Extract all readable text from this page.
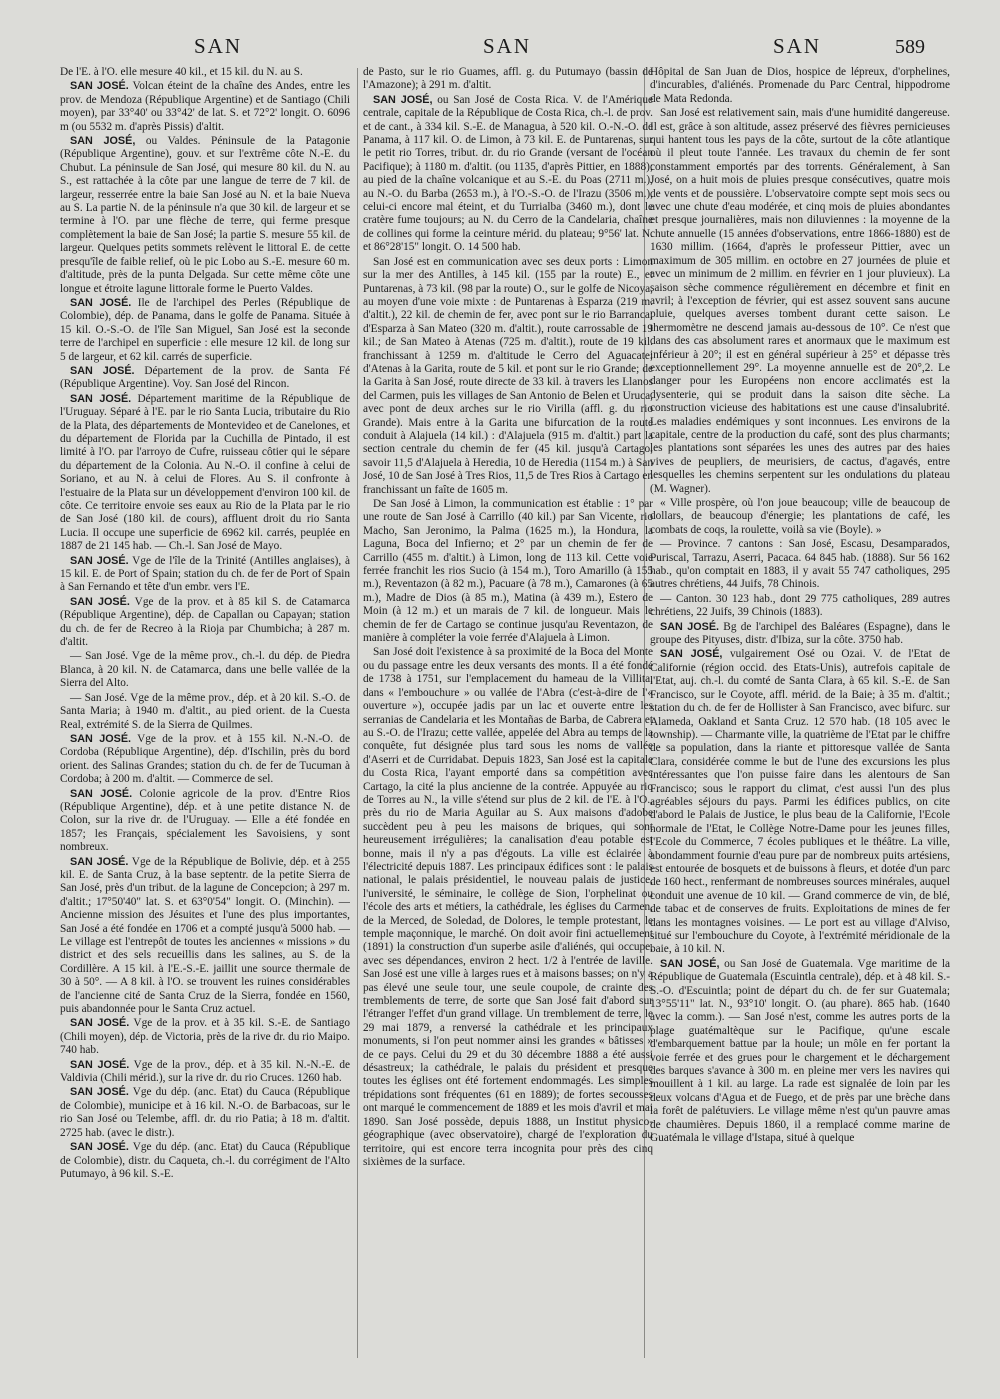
SAN	SAN	SAN	589

De l'E. à l'O. elle mesure 40 kil., et 15 kil. du N. au S.

SAN JOSÉ. Volcan éteint de la chaîne des Andes, entre les prov. de Mendoza (République Argentine) et de Santiago (Chili moyen), par 33°40' ou 33°42' de lat. S. et 72°2' longit. O. 6096 m (ou 5532 m. d'après Pissis) d'altit.

SAN JOSÉ, ou Valdes. Péninsule de la Patagonie (République Argentine), gouv. et sur l'extrême côte N.-E. du Chubut. La péninsule de San José, qui mesure 80 kil. du N. au S., est rattachée à la côte par une langue de terre de 7 kil. de largeur, resserrée entre la baie San José au N. et la baie Nueva au S. La partie N. de la péninsule n'a que 30 kil. de largeur et se termine à l'O. par une flèche de terre, qui ferme presque complètement la baie de San José; la partie S. mesure 55 kil. de largeur. Quelques petits sommets relèvent le littoral E. de cette presqu'île de faible relief, où le pic Lobo au S.-E. mesure 60 m. d'altitude, près de la punta Delgada. Sur cette même côte une longue et étroite lagune littorale forme le Puerto Valdes.

SAN JOSÉ. Ile de l'archipel des Perles (République de Colombie), dép. de Panama, dans le golfe de Panama. Située à 15 kil. O.-S.-O. de l'île San Miguel, San José est la seconde terre de l'archipel en superficie : elle mesure 12 kil. de long sur 5 de largeur, et 62 kil. carrés de superficie.

SAN JOSÉ. Département de la prov. de Santa Fé (République Argentine). Voy. San José del Rincon.

SAN JOSÉ. Département maritime de la République de l'Uruguay. Séparé à l'E. par le rio Santa Lucia, tributaire du Rio de la Plata, des départements de Montevideo et de Canelones, et du département de Florida par la Cuchilla de Pintado, il est limité à l'O. par l'arroyo de Cufre, ruisseau côtier qui le sépare du département de la Colonia. Au N.-O. il confine à celui de Soriano, et au N. à celui de Flores. Au S. il confronte à l'estuaire de la Plata sur un développement d'environ 100 kil. de côte. Ce territoire envoie ses eaux au Rio de la Plata par le rio de San José (180 kil. de cours), affluent droit du rio Santa Lucia. Il occupe une superficie de 6962 kil. carrés, peuplée en 1887 de 21 145 hab. — Ch.-l. San José de Mayo.

SAN JOSÉ. Vge de l'île de la Trinité (Antilles anglaises), à 15 kil. E. de Port of Spain; station du ch. de fer de Port of Spain à San Fernando et tête d'un embr. vers l'E.

SAN JOSÉ. Vge de la prov. et à 85 kil S. de Catamarca (République Argentine), dép. de Capallan ou Capayan; station du ch. de fer de Recreo à la Rioja par Chumbicha; à 287 m. d'altit.

— San José. Vge de la même prov., ch.-l. du dép. de Piedra Blanca, à 20 kil. N. de Catamarca, dans une belle vallée de la Sierra del Alto.

— San José. Vge de la même prov., dép. et à 20 kil. S.-O. de Santa Maria; à 1940 m. d'altit., au pied orient. de la Cuesta Real, extrémité S. de la Sierra de Quilmes.

SAN JOSÉ. Vge de la prov. et à 155 kil. N.-N.-O. de Cordoba (République Argentine), dép. d'Ischilin, près du bord orient. des Salinas Grandes; station du ch. de fer de Tucuman à Cordoba; à 200 m. d'altit. — Commerce de sel.

SAN JOSÉ. Colonie agricole de la prov. d'Entre Rios (République Argentine), dép. et à une petite distance N. de Colon, sur la rive dr. de l'Uruguay. — Elle a été fondée en 1857; les Français, spécialement les Savoisiens, y sont nombreux.

SAN JOSÉ. Vge de la République de Bolivie, dép. et à 255 kil. E. de Santa Cruz, à la base septentr. de la petite Sierra de San José, près d'un tribut. de la lagune de Concepcion; à 297 m. d'altit.; 17°50'40" lat. S. et 63°0'54" longit. O. (Minchin). — Ancienne mission des Jésuites et l'une des plus importantes, San José a été fondée en 1706 et a compté jusqu'à 5000 hab. — Le village est l'entrepôt de toutes les anciennes « missions » du district et des sels recueillis dans les salines, au S. de la Cordillère. A 15 kil. à l'E.-S.-E. jaillit une source thermale de 30 à 50°. — A 8 kil. à l'O. se trouvent les ruines considérables de l'ancienne cité de Santa Cruz de la Sierra, fondée en 1560, puis abandonnée pour le Santa Cruz actuel.

SAN JOSÉ. Vge de la prov. et à 35 kil. S.-E. de Santiago (Chili moyen), dép. de Victoria, près de la rive dr. du rio Maipo. 740 hab.

SAN JOSÉ. Vge de la prov., dép. et à 35 kil. N.-N.-E. de Valdivia (Chili mérid.), sur la rive dr. du rio Cruces. 1260 hab.

SAN JOSÉ. Vge du dép. (anc. Etat) du Cauca (République de Colombie), municipe et à 16 kil. N.-O. de Barbacoas, sur le rio San José ou Telembe, affl. dr. du rio Patia; à 18 m. d'altit. 2725 hab. (avec le distr.).

SAN JOSÉ. Vge du dép. (anc. Etat) du Cauca (République de Colombie), distr. du Caqueta, ch.-l. du corrégiment de l'Alto Putumayo, à 96 kil. S.-E.

de Pasto, sur le rio Guames, affl. g. du Putumayo (bassin de l'Amazone); à 291 m. d'altit.

SAN JOSÉ, ou San José de Costa Rica. V. de l'Amérique centrale, capitale de la République de Costa Rica, ch.-l. de prov. et de cant., à 334 kil. S.-E. de Managua, à 520 kil. O.-N.-O. de Panama, à 117 kil. O. de Limon, à 73 kil. E. de Puntarenas, sur le petit rio Torres, tribut. dr. du rio Grande (versant de l'océan Pacifique); à 1180 m. d'altit. (ou 1135, d'après Pittier, en 1888); au pied de la chaîne volcanique et au S.-E. du Poas (2711 m.), au N.-O. du Barba (2653 m.), à l'O.-S.-O. de l'Irazu (3506 m.), celui-ci encore mal éteint, et du Turrialba (3460 m.), dont le cratère fume toujours; au N. du Cerro de la Candelaria, chaîne de collines qui forme la ceinture mérid. du plateau; 9°56' lat. N. et 86°28'15" longit. O. 14 500 hab.

San José est en communication avec ses deux ports : Limon sur la mer des Antilles, à 145 kil. (155 par la route) E., et Puntarenas, à 73 kil. (98 par la route) O., sur le golfe de Nicoya, au moyen d'une voie mixte : de Puntarenas à Esparza (219 m. d'altit.), 22 kil. de chemin de fer, avec pont sur le rio Barranca; d'Esparza à San Mateo (320 m. d'altit.), route carrossable de 19 kil.; de San Mateo à Atenas (725 m. d'altit.), route de 19 kil. franchissant à 1259 m. d'altitude le Cerro del Aguacate; d'Atenas à la Garita, route de 5 kil. et pont sur le rio Grande; de la Garita à San José, route directe de 33 kil. à travers les Llanos del Carmen, puis les villages de San Antonio de Belen et Uruca, avec pont de deux arches sur le rio Virilla (affl. g. du rio Grande). Mais entre à la Garita une bifurcation de la route conduit à Alajuela (14 kil.) : d'Alajuela (915 m. d'altit.) part la section centrale du chemin de fer (45 kil. jusqu'à Cartago, savoir 11,5 d'Alajuela à Heredia, 10 de Heredia (1154 m.) à San José, 10 de San José à Tres Rios, 11,5 de Tres Rios à Cartago en franchissant un faîte de 1605 m.

De San José à Limon, la communication est établie : 1° par une route de San José à Carrillo (40 kil.) par San Vicente, rio Macho, San Jeronimo, la Palma (1625 m.), la Hondura, la Laguna, Boca del Infierno; et 2° par un chemin de fer de Carrillo (455 m. d'altit.) à Limon, long de 113 kil. Cette voie ferrée franchit les rios Sucio (à 154 m.), Toro Amarillo (à 155 m.), Reventazon (à 82 m.), Pacuare (à 78 m.), Camarones (à 65 m.), Madre de Dios (à 85 m.), Matina (à 439 m.), Estero de Moin (à 12 m.) et un marais de 7 kil. de longueur. Mais le chemin de fer de Cartago se continue jusqu'au Reventazon, de manière à compléter la voie ferrée d'Alajuela à Limon.

San José doit l'existence à sa proximité de la Boca del Monte ou du passage entre les deux versants des monts. Il a été fondé de 1738 à 1751, sur l'emplacement du hameau de la Villita, dans « l'embouchure » ou vallée de l'Abra (c'est-à-dire de l'« ouverture »), occupée jadis par un lac et ouverte entre les serranias de Candelaria et les Montañas de Barba, de Cabrera et au S.-O. de l'Irazu; cette vallée, appelée del Abra au temps de la conquête, fut désignée plus tard sous les noms de vallée d'Aserri et de Curridabat. Depuis 1823, San José est la capitale du Costa Rica, l'ayant emporté dans sa compétition avec Cartago, la cité la plus ancienne de la contrée. Appuyée au rio de Torres au N., la ville s'étend sur plus de 2 kil. de l'E. à l'O., près du rio de Maria Aguilar au S. Aux maisons d'adobe succèdent peu à peu les maisons de briques, qui sont heureusement irrégulières; la canalisation d'eau potable est bonne, mais il n'y a pas d'égouts. La ville est éclairée à l'électricité depuis 1887. Les principaux édifices sont : le palais national, le palais présidentiel, le nouveau palais de justice, l'université, le séminaire, le collège de Sion, l'orphelinat ou l'école des arts et métiers, la cathédrale, les églises du Carmen, de la Merced, de Soledad, de Dolores, le temple protestant, le temple maçonnique, le marché. On doit avoir fini actuellement (1891) la construction d'un superbe asile d'aliénés, qui occupe, avec ses dépendances, environ 2 hect. 1/2 à l'entrée de laville. San José est une ville à larges rues et à maisons basses; on n'y a pas élevé une seule tour, une seule coupole, de crainte des tremblements de terre, de sorte que San José fait d'abord sur l'étranger l'effet d'un grand village. Un tremblement de terre, le 29 mai 1879, a renversé la cathédrale et les principaux monuments, si l'on peut nommer ainsi les grandes « bâtisses » de ce pays. Celui du 29 et du 30 décembre 1888 a été aussi désastreux; la cathédrale, le palais du président et presque toutes les églises ont été fortement endommagés. Les simples trépidations sont fréquentes (61 en 1889); de fortes secousses ont marqué le commencement de 1889 et les mois d'avril et mai 1890. San José possède, depuis 1888, un Institut physico-géographique (avec observatoire), chargé de l'exploration du territoire, qui est encore terra incognita pour près des cinq sixièmes de la surface.

Hôpital de San Juan de Dios, hospice de lépreux, d'orphelines, d'incurables, d'aliénés. Promenade du Parc Central, hippodrome de Mata Redonda.

San José est relativement sain, mais d'une humidité dangereuse. Il est, grâce à son altitude, assez préservé des fièvres pernicieuses qui hantent tous les pays de la côte, surtout de la côte atlantique où il pleut toute l'année. Les travaux du chemin de fer sont constamment emportés par des torrents. Généralement, à San José, on a huit mois de pluies presque consécutives, quatre mois de vents et de poussière. L'observatoire compte sept mois secs ou avec une chute d'eau modérée, et cinq mois de pluies abondantes et presque journalières, mais non diluviennes : la moyenne de la chute annuelle (15 années d'observations, entre 1866-1880) est de 1630 millim. (1664, d'après le professeur Pittier, avec un maximum de 305 millim. en octobre en 27 journées de pluie et avec un minimum de 2 millim. en février en 1 jour pluvieux). La saison sèche commence régulièrement en décembre et finit en avril; à l'exception de février, qui est assez souvent sans aucune pluie, quelques averses tombent durant cette saison. Le thermomètre ne descend jamais au-dessous de 10°. Ce n'est que dans des cas absolument rares et anormaux que le maximum est inférieur à 20°; il est en général supérieur à 25° et dépasse très exceptionnellement 29°. La moyenne annuelle est de 20°,2. Le danger pour les Européens non encore acclimatés est la dysenterie, qui se produit dans la saison dite sèche. La construction vicieuse des habitations est une cause d'insalubrité. Les maladies endémiques y sont inconnues. Les environs de la capitale, centre de la production du café, sont des plus charmants; les plantations sont séparées les unes des autres par des haies vives de peupliers, de meurisiers, de cactus, d'agavés, entre lesquelles les chemins serpentent sur les ondulations du plateau (M. Wagner).

« Ville prospère, où l'on joue beaucoup; ville de beaucoup de dollars, de beaucoup d'énergie; les plantations de café, les combats de coqs, la roulette, voilà sa vie (Boyle). »

— Province. 7 cantons : San José, Escasu, Desamparados, Puriscal, Tarrazu, Aserri, Pacaca. 64 845 hab. (1888). Sur 56 162 hab., qu'on comptait en 1883, il y avait 55 747 catholiques, 295 autres chrétiens, 44 Juifs, 78 Chinois.

— Canton. 30 123 hab., dont 29 775 catholiques, 289 autres chrétiens, 22 Juifs, 39 Chinois (1883).

SAN JOSÉ. Bg de l'archipel des Baléares (Espagne), dans le groupe des Pityuses, distr. d'Ibiza, sur la côte. 3750 hab.

SAN JOSÉ, vulgairement Osé ou Ozai. V. de l'Etat de Californie (région occid. des Etats-Unis), autrefois capitale de l'Etat, auj. ch.-l. du comté de Santa Clara, à 65 kil. S.-E. de San Francisco, sur le Coyote, affl. mérid. de la Baie; à 35 m. d'altit.; station du ch. de fer de Hollister à San Francisco, avec bifurc. sur Alameda, Oakland et Santa Cruz. 12 570 hab. (18 105 avec le township). — Charmante ville, la quatrième de l'Etat par le chiffre de sa population, dans la riante et pittoresque vallée de Santa Clara, considérée comme le but de l'une des excursions les plus intéressantes que l'on puisse faire dans les alentours de San Francisco; sous le rapport du climat, c'est aussi l'un des plus agréables séjours du pays. Parmi les édifices publics, on cite d'abord le Palais de Justice, le plus beau de la Californie, l'Ecole normale de l'Etat, le Collège Notre-Dame pour les jeunes filles, l'Ecole du Commerce, 7 écoles publiques et le théâtre. La ville, abondamment fournie d'eau pure par de nombreux puits artésiens, est entourée de bosquets et de buissons à fleurs, et dotée d'un parc de 160 hect., renfermant de nombreuses sources minérales, auquel conduit une avenue de 10 kil. — Grand commerce de vin, de blé, de tabac et de conserves de fruits. Exploitations de mines de fer dans les montagnes voisines. — Le port est au village d'Alviso, situé sur l'embouchure du Coyote, à l'extrémité méridionale de la baie, à 10 kil. N.

SAN JOSÉ, ou San José de Guatemala. Vge maritime de la République de Guatemala (Escuintla centrale), dép. et à 48 kil. S.-S.-O. d'Escuintla; point de départ du ch. de fer sur Guatemala; 13°55'11" lat. N., 93°10' longit. O. (au phare). 865 hab. (1640 avec la comm.). — San José n'est, comme les autres ports de la plage guatémaltèque sur le Pacifique, qu'une escale d'embarquement battue par la houle; un môle en fer portant la voie ferrée et des grues pour le chargement et le déchargement des barques s'avance à 300 m. en pleine mer vers les navires qui mouillent à 1 kil. au large. La rade est signalée de loin par les deux volcans d'Agua et de Fuego, et de près par une brèche dans la forêt de palétuviers. Le village même n'est qu'un pauvre amas de chaumières. Depuis 1860, il a remplacé comme marine de Guatémala le village d'Istapa, situé à quelque
